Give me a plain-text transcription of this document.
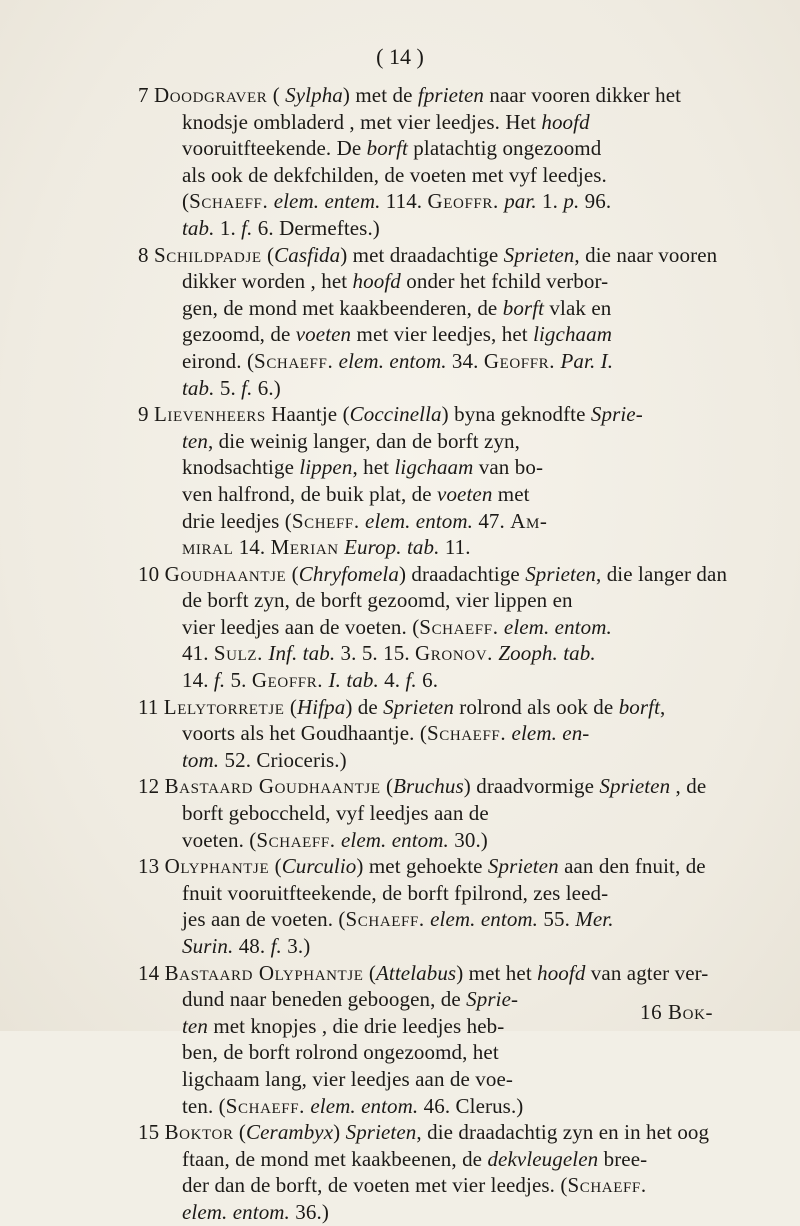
( 14 )
7 Doodgraver ( Sylpha) met de fprieten naar vooren dikker het
knodsje ombladerd , met vier leedjes. Het hoofd
vooruitfteekende. De borft platachtig ongezoomd
als ook de dekfchilden, de voeten met vyf leedjes.
(Schaeff. elem. entem. 114. Geoffr. par. 1. p. 96.
tab. 1. f. 6. Dermeftes.)
8 Schildpadje (Casfida) met draadachtige Sprieten, die naar vooren
dikker worden , het hoofd onder het fchild verbor-
gen, de mond met kaakbeenderen, de borft vlak en
gezoomd, de voeten met vier leedjes, het ligchaam
eirond. (Schaeff. elem. entom. 34. Geoffr. Par. I.
tab. 5. f. 6.)
9 Lievenheers Haantje (Coccinella) byna geknodfte Sprie-
ten, die weinig langer, dan de borft zyn,
knodsachtige lippen, het ligchaam van bo-
ven halfrond, de buik plat, de voeten met
drie leedjes (Scheff. elem. entom. 47. Am-
miral 14. Merian Europ. tab. 11.
10 Goudhaantje (Chryfomela) draadachtige Sprieten, die langer dan
de borft zyn, de borft gezoomd, vier lippen en
vier leedjes aan de voeten. (Schaeff. elem. entom.
41. Sulz. Inf. tab. 3. 5. 15. Gronov. Zooph. tab.
14. f. 5. Geoffr. I. tab. 4. f. 6.
11 Lelytorretje (Hifpa) de Sprieten rolrond als ook de borft,
voorts als het Goudhaantje. (Schaeff. elem. en-
tom. 52. Crioceris.)
12 Bastaard Goudhaantje (Bruchus) draadvormige Sprieten , de
borft geboccheld, vyf leedjes aan de
voeten. (Schaeff. elem. entom. 30.)
13 Olyphantje (Curculio) met gehoekte Sprieten aan den fnuit, de
fnuit vooruitfteekende, de borft fpilrond, zes leed-
jes aan de voeten. (Schaeff. elem. entom. 55. Mer.
Surin. 48. f. 3.)
14 Bastaard Olyphantje (Attelabus) met het hoofd van agter ver-
dund naar beneden geboogen, de Sprie-
ten met knopjes , die drie leedjes heb-
ben, de borft rolrond ongezoomd, het
ligchaam lang, vier leedjes aan de voe-
ten. (Schaeff. elem. entom. 46. Clerus.)
15 Boktor (Cerambyx) Sprieten, die draadachtig zyn en in het oog
ftaan, de mond met kaakbeenen, de dekvleugelen bree-
der dan de borft, de voeten met vier leedjes. (Schaeff.
elem. entom. 36.)
16 Bok-
